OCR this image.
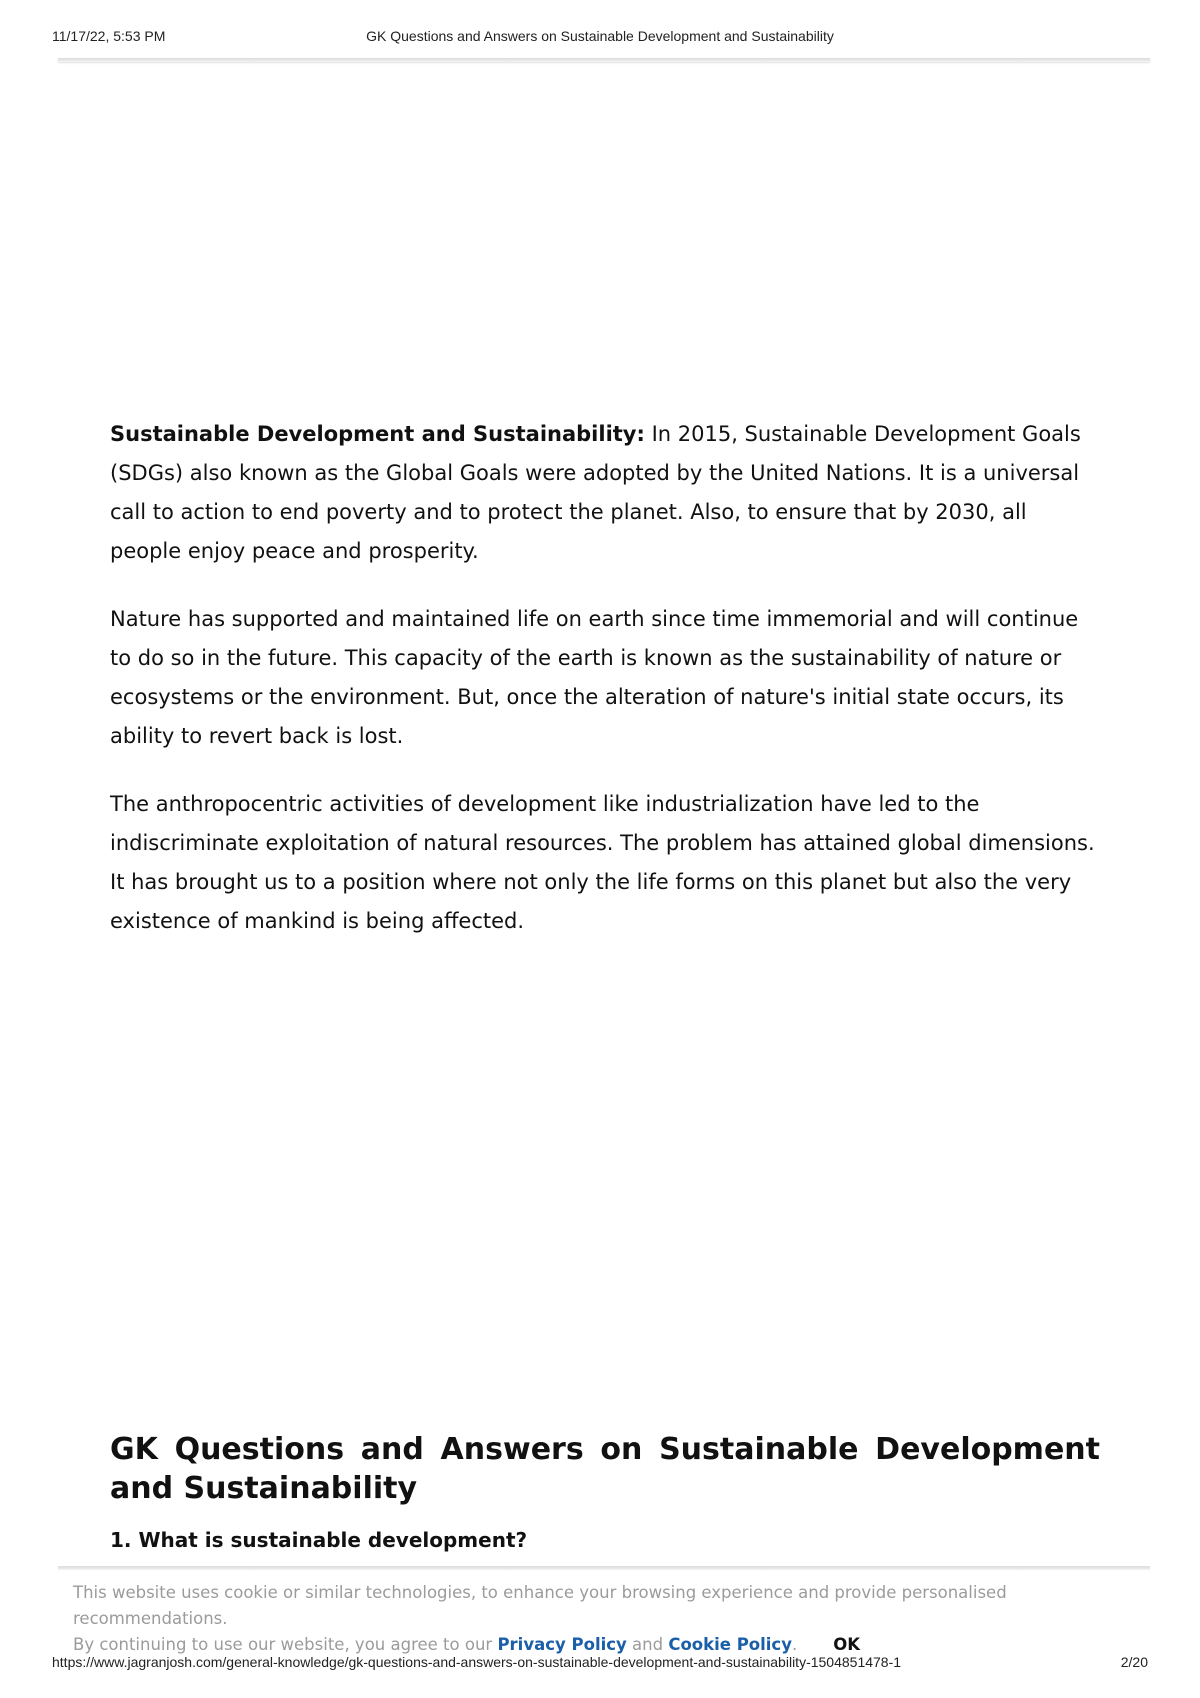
11/17/22, 5:53 PM	GK Questions and Answers on Sustainable Development and Sustainability

Sustainable Development and Sustainability: In 2015, Sustainable Development Goals (SDGs) also known as the Global Goals were adopted by the United Nations. It is a universal call to action to end poverty and to protect the planet. Also, to ensure that by 2030, all people enjoy peace and prosperity.

Nature has supported and maintained life on earth since time immemorial and will continue to do so in the future. This capacity of the earth is known as the sustainability of nature or ecosystems or the environment. But, once the alteration of nature's initial state occurs, its ability to revert back is lost.

The anthropocentric activities of development like industrialization have led to the indiscriminate exploitation of natural resources. The problem has attained global dimensions. It has brought us to a position where not only the life forms on this planet but also the very existence of mankind is being affected.

GK Questions and Answers on Sustainable Development and Sustainability
1. What is sustainable development?
This website uses cookie or similar technologies, to enhance your browsing experience and provide personalised recommendations.
By continuing to use our website, you agree to our Privacy Policy and Cookie Policy. OK
https://www.jagranjosh.com/general-knowledge/gk-questions-and-answers-on-sustainable-development-and-sustainability-1504851478-1	2/20
